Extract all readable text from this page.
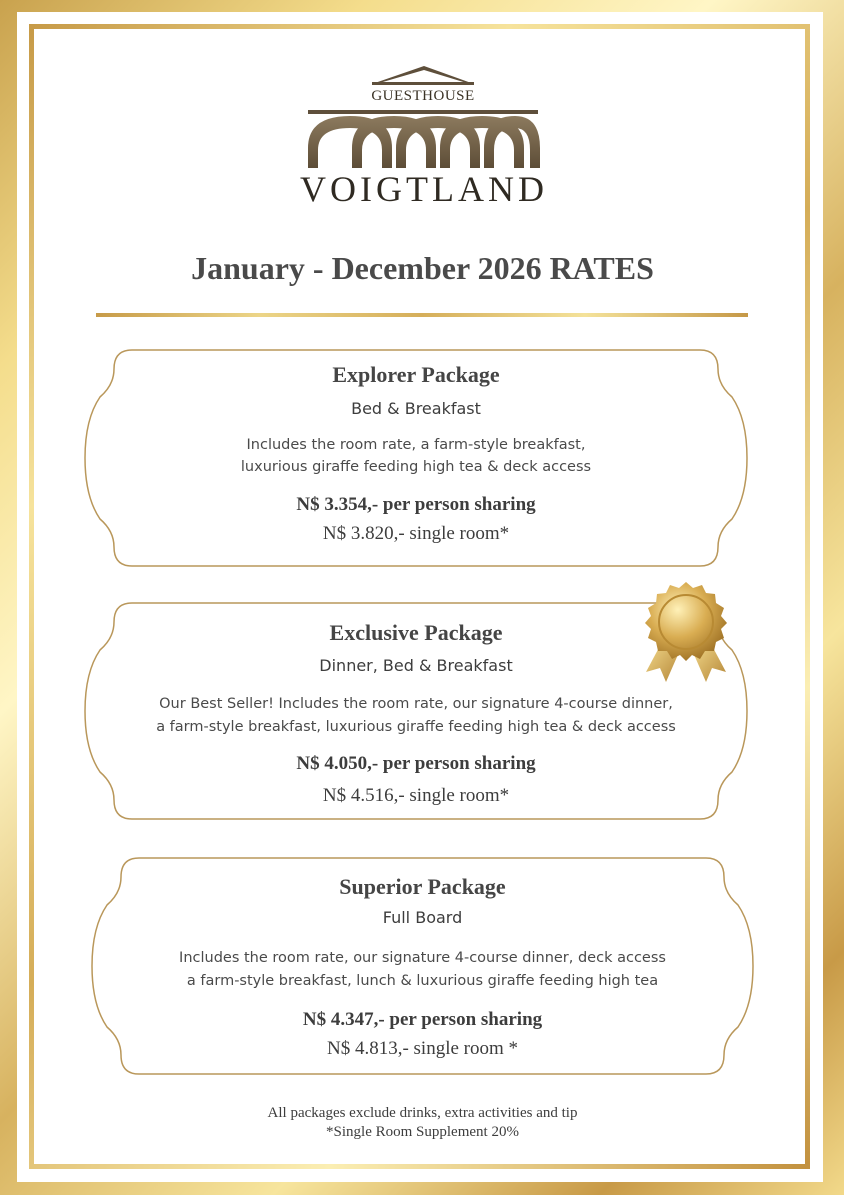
GUESTHOUSE
VOIGTLAND
January - December 2026 RATES
Explorer Package
Bed & Breakfast
Includes the room rate, a farm-style breakfast,
luxurious giraffe feeding high tea & deck access
N$ 3.354,- per person sharing
N$ 3.820,- single room*
Exclusive Package
Dinner, Bed & Breakfast
Our Best Seller! Includes the room rate, our signature 4-course dinner,
a farm-style breakfast, luxurious giraffe feeding high tea & deck access
N$ 4.050,- per person sharing
N$ 4.516,- single room*
Superior Package
Full Board
Includes the room rate, our signature 4-course dinner, deck access
a farm-style breakfast, lunch & luxurious giraffe feeding high tea
N$ 4.347,- per person sharing
N$ 4.813,- single room *
All packages exclude drinks, extra activities and tip
*Single Room Supplement 20%
